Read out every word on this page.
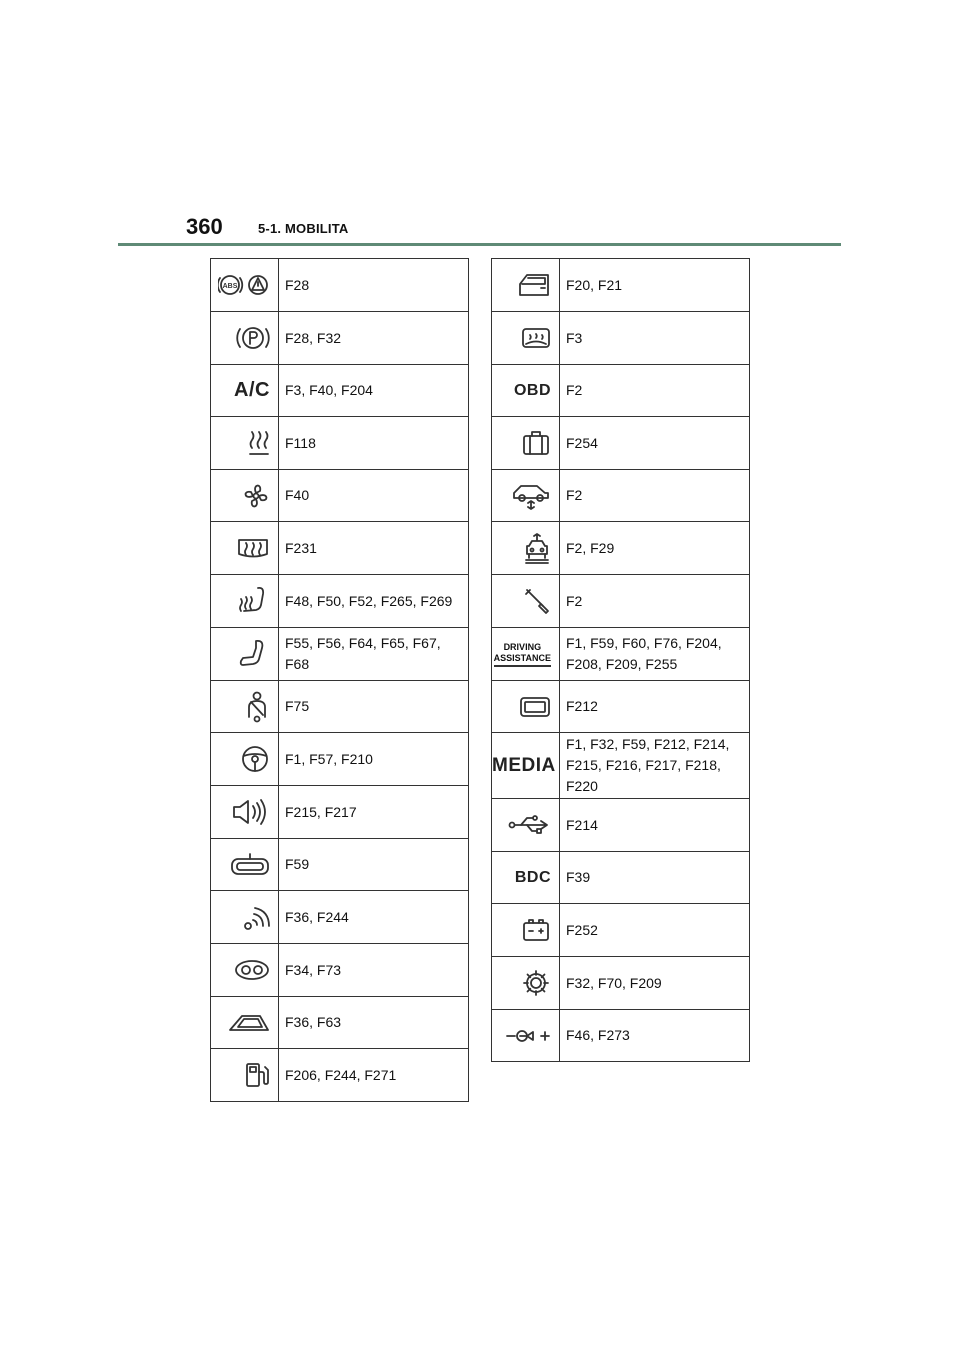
360	5-1. MOBILITA
ABS	F28
	F28, F32
A/C	F3, F40, F204
	F118
	F40
	F231
	F48, F50, F52, F265, F269
	F55, F56, F64, F65, F67,
F68
	F75
	F1, F57, F210
	F215, F217
	F59
	F36, F244
	F34, F73
	F36, F63
	F206, F244, F271
	F20, F21
	F3
OBD	F2
	F254
	F2
	F2, F29
	F2
DRIVING
ASSISTANCE	F1, F59, F60, F76, F204,
F208, F209, F255
	F212
MEDIA	F1, F32, F59, F212, F214,
F215, F216, F217, F218,
F220
	F214
BDC	F39
	F252
	F32, F70, F209
	F46, F273
